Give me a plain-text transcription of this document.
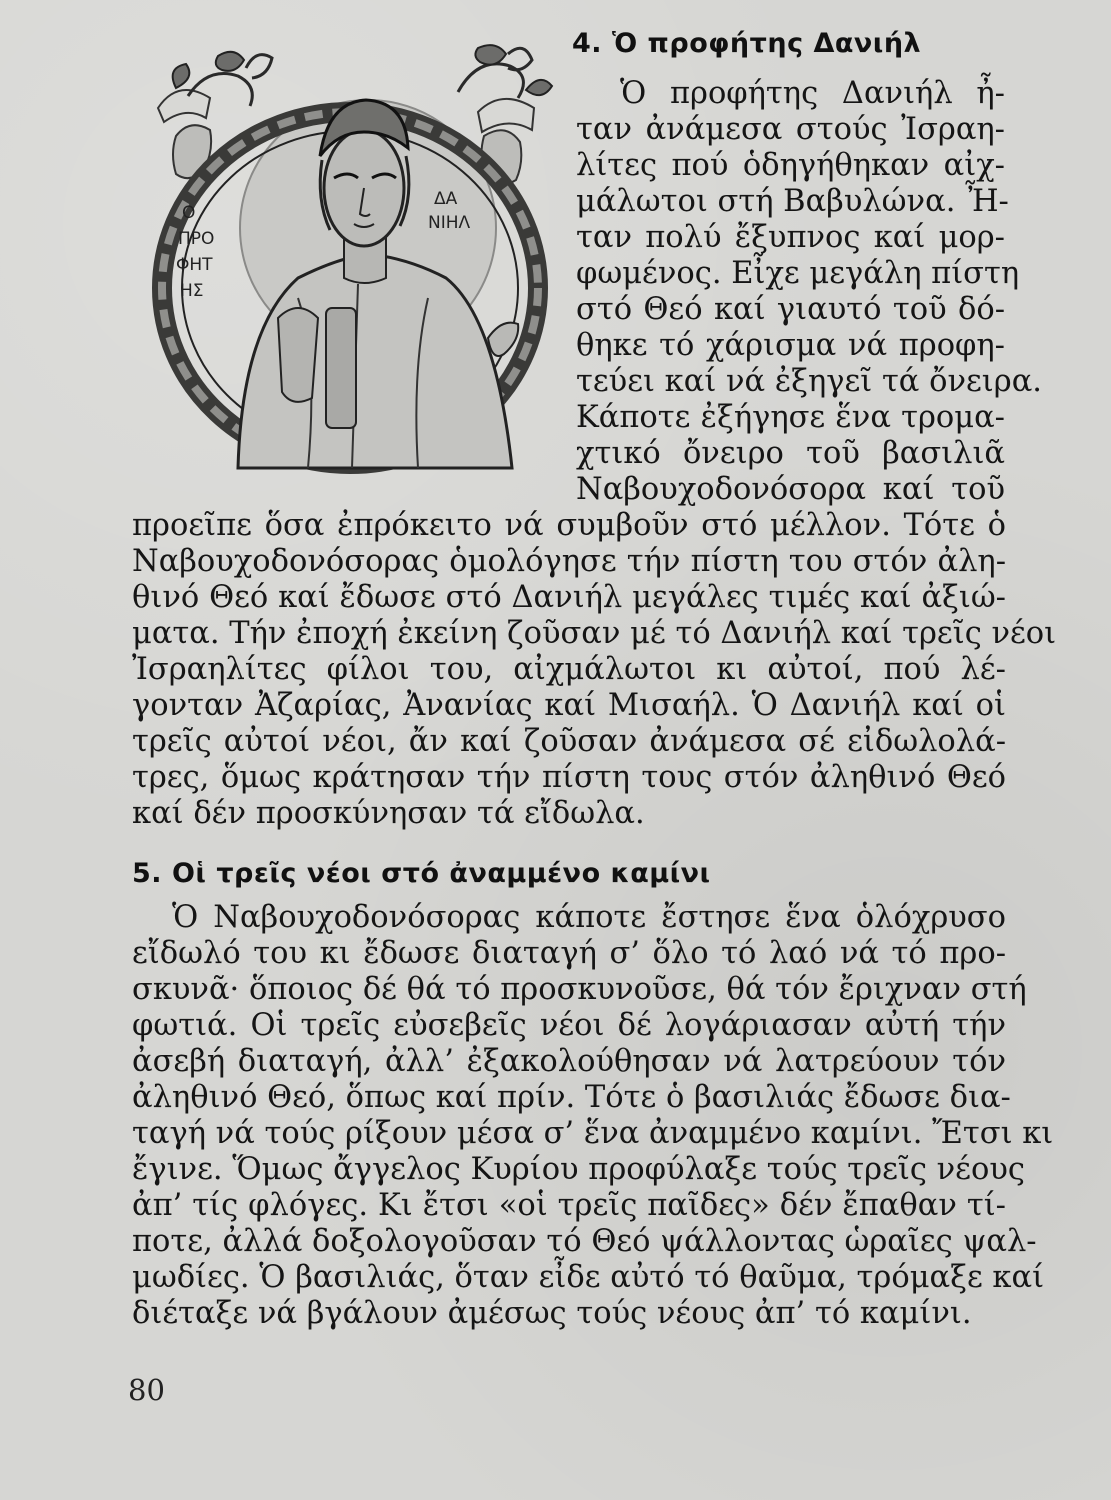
4. Ὁ προφήτης Δανιήλ
Ο
ΠΡΟ
ΦΗΤ
ΗΣ
ΔΑ
ΝΙΗΛ
Ὁ προφήτης Δανιήλ ἦ-
ταν ἀνάμεσα στούς Ἰσραη-
λίτες πού ὁδηγήθηκαν αἰχ-
μάλωτοι στή Βαβυλώνα. Ἦ-
ταν πολύ ἔξυπνος καί μορ-
φωμένος. Εἶχε μεγάλη πίστη
στό Θεό καί γιαυτό τοῦ δό-
θηκε τό χάρισμα νά προφη-
τεύει καί νά ἐξηγεῖ τά ὄνειρα.
Κάποτε ἐξήγησε ἕνα τρομα-
χτικό ὄνειρο τοῦ βασιλιᾶ
Ναβουχοδονόσορα καί τοῦ
προεῖπε ὅσα ἐπρόκειτο νά συμβοῦν στό μέλλον. Τότε ὁ
Ναβουχοδονόσορας ὁμολόγησε τήν πίστη του στόν ἀλη-
θινό Θεό καί ἔδωσε στό Δανιήλ μεγάλες τιμές καί ἀξιώ-
ματα. Τήν ἐποχή ἐκείνη ζοῦσαν μέ τό Δανιήλ καί τρεῖς νέοι
Ἰσραηλίτες φίλοι του, αἰχμάλωτοι κι αὐτοί, πού λέ-
γονταν Ἀζαρίας, Ἀνανίας καί Μισαήλ. Ὁ Δανιήλ καί οἱ
τρεῖς αὐτοί νέοι, ἄν καί ζοῦσαν ἀνάμεσα σέ εἰδωλολά-
τρες, ὅμως κράτησαν τήν πίστη τους στόν ἀληθινό Θεό
καί δέν προσκύνησαν τά εἴδωλα.
5. Οἱ τρεῖς νέοι στό ἀναμμένο καμίνι
Ὁ Ναβουχοδονόσορας κάποτε ἔστησε ἕνα ὁλόχρυσο
εἴδωλό του κι ἔδωσε διαταγή σ’ ὅλο τό λαό νά τό προ-
σκυνᾶ· ὅποιος δέ θά τό προσκυνοῦσε, θά τόν ἔριχναν στή
φωτιά. Οἱ τρεῖς εὐσεβεῖς νέοι δέ λογάριασαν αὐτή τήν
ἀσεβή διαταγή, ἀλλ’ ἐξακολούθησαν νά λατρεύουν τόν
ἀληθινό Θεό, ὅπως καί πρίν. Τότε ὁ βασιλιάς ἔδωσε δια-
ταγή νά τούς ρίξουν μέσα σ’ ἕνα ἀναμμένο καμίνι. Ἔτσι κι
ἔγινε. Ὅμως ἄγγελος Κυρίου προφύλαξε τούς τρεῖς νέους
ἀπ’ τίς φλόγες. Κι ἔτσι «οἱ τρεῖς παῖδες» δέν ἔπαθαν τί-
ποτε, ἀλλά δοξολογοῦσαν τό Θεό ψάλλοντας ὡραῖες ψαλ-
μωδίες. Ὁ βασιλιάς, ὅταν εἶδε αὐτό τό θαῦμα, τρόμαξε καί
διέταξε νά βγάλουν ἀμέσως τούς νέους ἀπ’ τό καμίνι.
80
